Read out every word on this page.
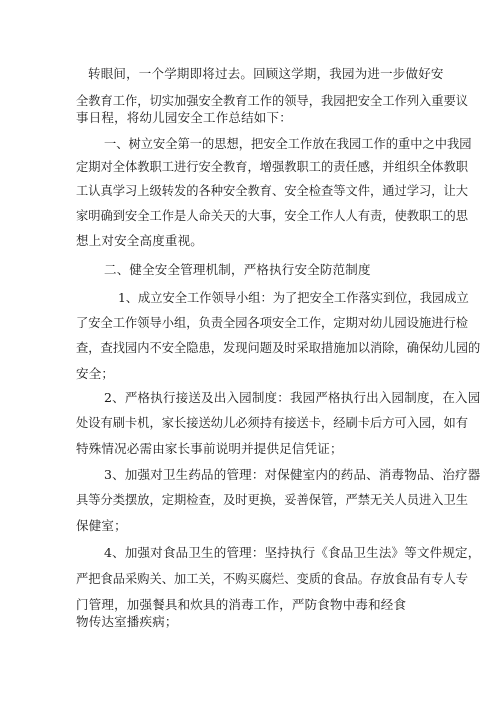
转眼间，一个学期即将过去。回顾这学期，我园为进一步做好安
全教育工作，切实加强安全教育工作的领导，我园把安全工作列入重要议
事日程，将幼儿园安全工作总结如下：
一、树立安全第一的思想，把安全工作放在我园工作的重中之中我园
定期对全体教职工进行安全教育，增强教职工的责任感，并组织全体教职
工认真学习上级转发的各种安全教育、安全检查等文件，通过学习，让大
家明确到安全工作是人命关天的大事，安全工作人人有责，使教职工的思
想上对安全高度重视。
二、健全安全管理机制，严格执行安全防范制度
1、成立安全工作领导小组：为了把安全工作落实到位，我园成立
了安全工作领导小组，负责全园各项安全工作，定期对幼儿园设施进行检
查，查找园内不安全隐患，发现问题及时采取措施加以消除，确保幼儿园的
安全；
2、严格执行接送及出入园制度：我园严格执行出入园制度，在入园
处设有刷卡机，家长接送幼儿必须持有接送卡，经刷卡后方可入园，如有
特殊情况必需由家长事前说明并提供足信凭证；
3、加强对卫生药品的管理：对保健室内的药品、消毒物品、治疗器
具等分类摆放，定期检查，及时更换，妥善保管，严禁无关人员进入卫生
保健室；
4、加强对食品卫生的管理：坚持执行《食品卫生法》等文件规定，
严把食品采购关、加工关，不购买腐烂、变质的食品。存放食品有专人专
门管理，加强餐具和炊具的消毒工作，严防食物中毒和经食
物传达室播疾病；
